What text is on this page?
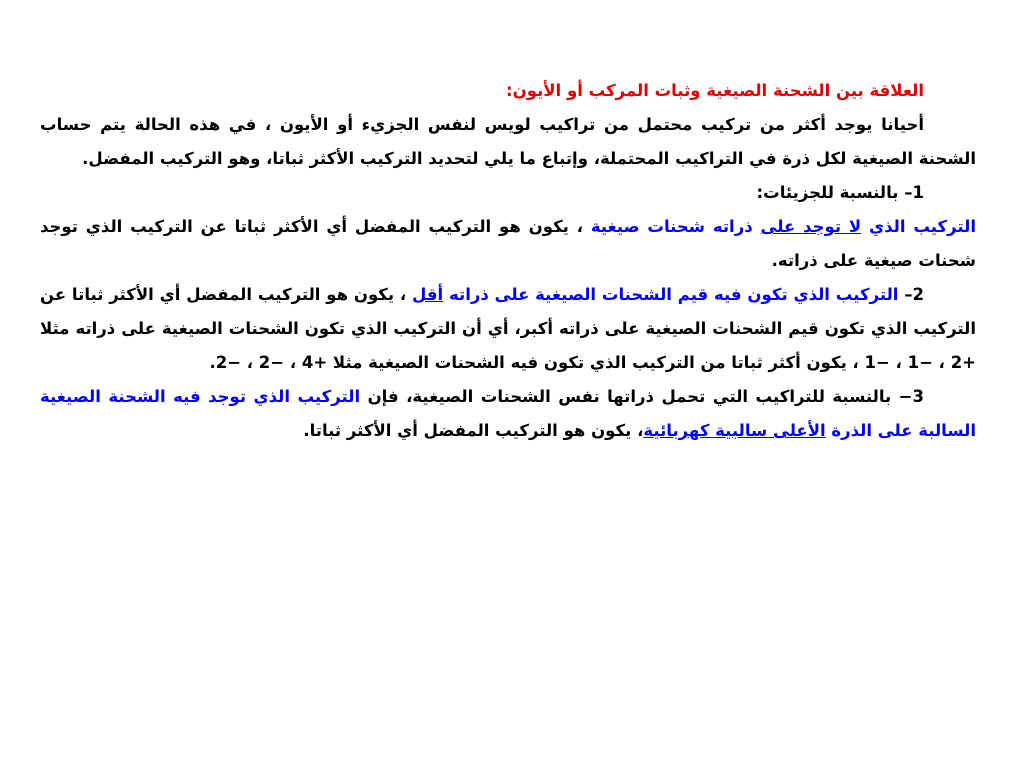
العلاقة بين الشحنة الصيغية وثبات المركب أو الأيون:

أحيانا يوجد أكثر من تركيب محتمل من تراكيب لويس لنفس الجزيء أو الأيون ، في هذه الحالة يتم حساب الشحنة الصيغية لكل ذرة في التراكيب المحتملة، وإتباع ما يلي لتحديد التركيب الأكثر ثباتا، وهو التركيب المفضل.

1– بالنسبة للجزيئات:

التركيب الذي لا توجد على ذراته شحنات صيغية ، يكون هو التركيب المفضل أي الأكثر ثباتا عن التركيب الذي توجد شحنات صيغية على ذراته.

2– التركيب الذي تكون فيه قيم الشحنات الصيغية على ذراته أقل ، يكون هو التركيب المفضل أي الأكثر ثباتا عن التركيب الذي تكون قيم الشحنات الصيغية على ذراته أكبر، أي أن التركيب الذي تكون الشحنات الصيغية على ذراته مثلا +2 ، −1 ، −1 ، يكون أكثر ثباتا من التركيب الذي تكون فيه الشحنات الصيغية مثلا +4 ، −2 ، −2.

3− بالنسبة للتراكيب التي تحمل ذراتها نفس الشحنات الصيغية، فإن التركيب الذي توجد فيه الشحنة الصيغية السالبة على الذرة الأعلى سالبية كهربائية، يكون هو التركيب المفضل أي الأكثر ثباتا.
